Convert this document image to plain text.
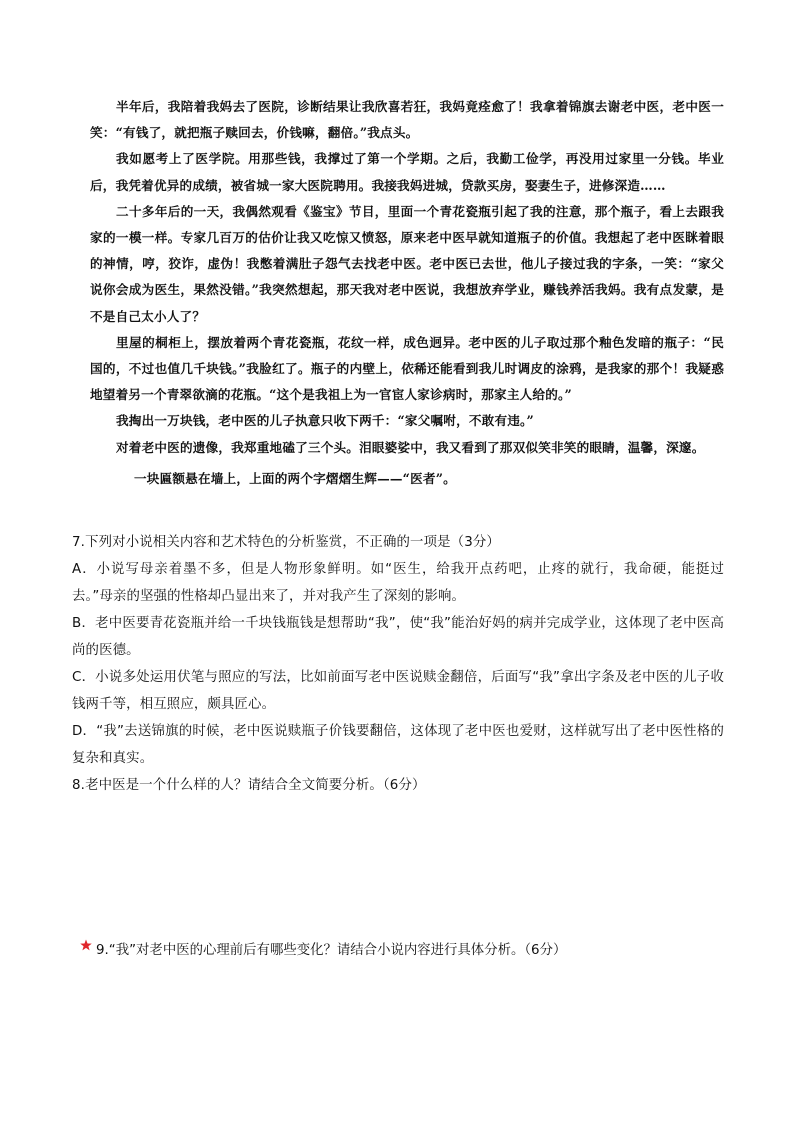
半年后，我陪着我妈去了医院，诊断结果让我欣喜若狂，我妈竟痊愈了！我拿着锦旗去谢老中医，老中医一笑：“有钱了，就把瓶子赎回去，价钱嘛，翻倍。”我点头。

我如愿考上了医学院。用那些钱，我撑过了第一个学期。之后，我勤工俭学，再没用过家里一分钱。毕业后，我凭着优异的成绩，被省城一家大医院聘用。我接我妈进城，贷款买房，娶妻生子，进修深造……

二十多年后的一天，我偶然观看《鉴宝》节目，里面一个青花瓷瓶引起了我的注意，那个瓶子，看上去跟我家的一模一样。专家几百万的估价让我又吃惊又愤怒，原来老中医早就知道瓶子的价值。我想起了老中医眯着眼的神情，哼，狡诈，虚伪！我憋着满肚子怨气去找老中医。老中医已去世，他儿子接过我的字条，一笑：“家父说你会成为医生，果然没错。”我突然想起，那天我对老中医说，我想放弃学业，赚钱养活我妈。我有点发蒙，是不是自己太小人了？

里屋的桐柜上，摆放着两个青花瓷瓶，花纹一样，成色迥异。老中医的儿子取过那个釉色发暗的瓶子：“民国的，不过也值几千块钱。”我脸红了。瓶子的内壁上，依稀还能看到我儿时调皮的涂鸦，是我家的那个！我疑惑地望着另一个青翠欲滴的花瓶。“这个是我祖上为一官宦人家诊病时，那家主人给的。”

我掏出一万块钱，老中医的儿子执意只收下两千：“家父嘱咐，不敢有违。”

对着老中医的遗像，我郑重地磕了三个头。泪眼婆娑中，我又看到了那双似笑非笑的眼睛，温馨，深邃。

一块匾额悬在墙上，上面的两个字熠熠生辉——“医者”。

7.下列对小说相关内容和艺术特色的分析鉴赏，不正确的一项是（3分）

A．小说写母亲着墨不多，但是人物形象鲜明。如“医生，给我开点药吧，止疼的就行，我命硬，能挺过去。”母亲的坚强的性格却凸显出来了，并对我产生了深刻的影响。

B．老中医要青花瓷瓶并给一千块钱瓶钱是想帮助“我”，使“我”能治好妈的病并完成学业，这体现了老中医高尚的医德。

C．小说多处运用伏笔与照应的写法，比如前面写老中医说赎金翻倍，后面写“我”拿出字条及老中医的儿子收钱两千等，相互照应，颇具匠心。

D．“我”去送锦旗的时候，老中医说赎瓶子价钱要翻倍，这体现了老中医也爱财，这样就写出了老中医性格的复杂和真实。

8.老中医是一个什么样的人？请结合全文简要分析。（6分）

9.“我”对老中医的心理前后有哪些变化？请结合小说内容进行具体分析。（6分）
